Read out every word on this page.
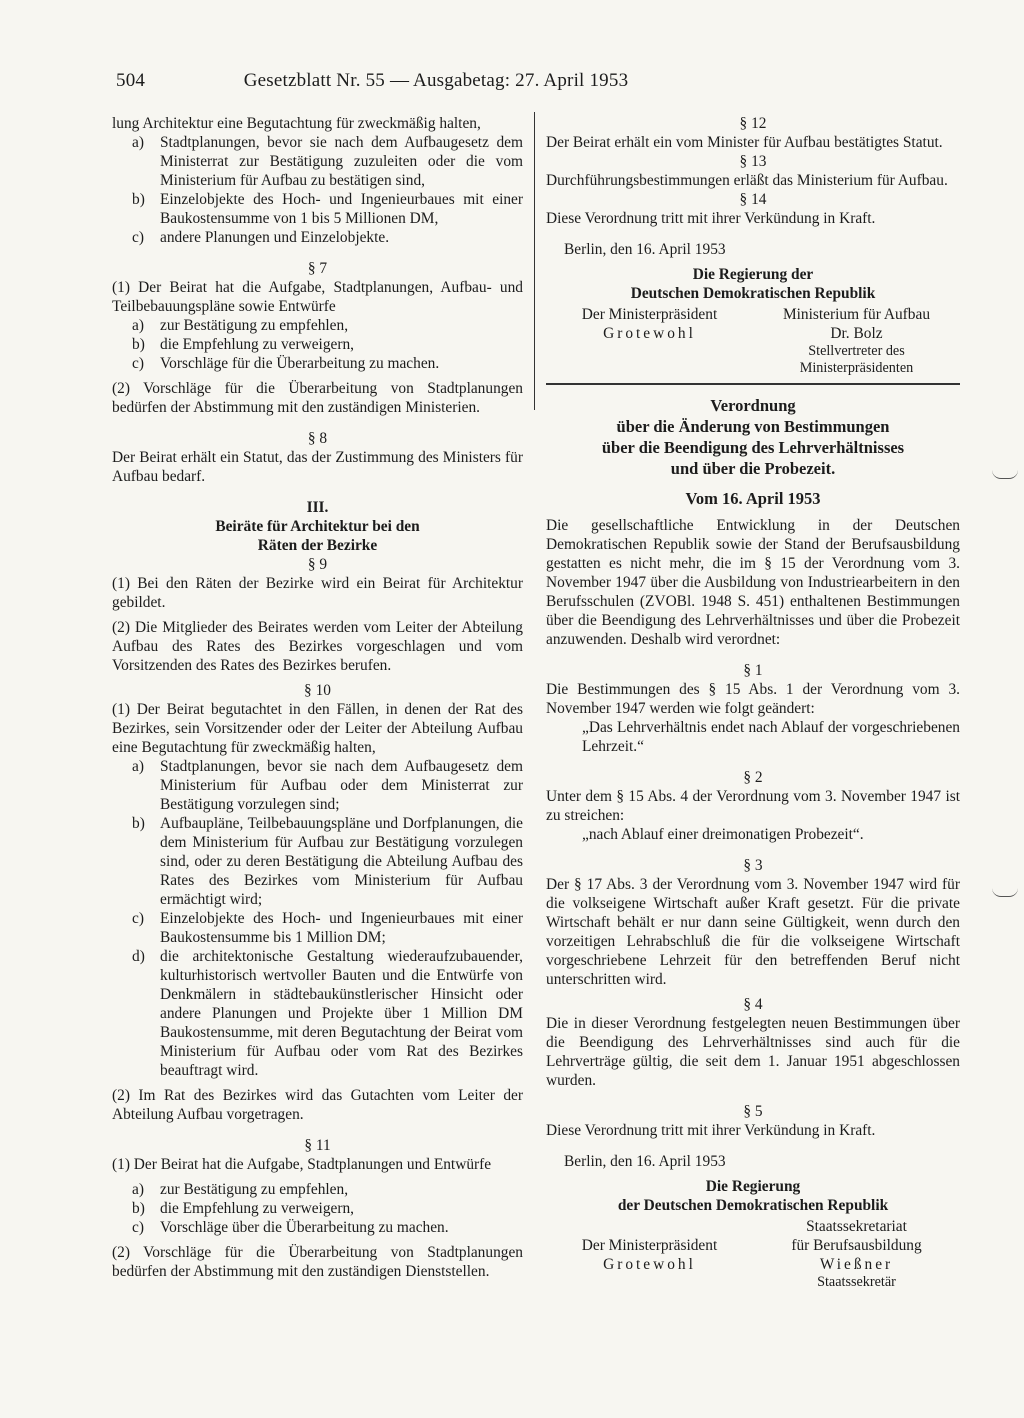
504	Gesetzblatt Nr. 55 — Ausgabetag: 27. April 1953

lung Architektur eine Begutachtung für zweckmäßig halten,

a)	Stadtplanungen, bevor sie nach dem Aufbaugesetz dem Ministerrat zur Bestätigung zuzuleiten oder die vom Ministerium für Aufbau zu bestätigen sind,
b) Einzelobjekte des Hoch- und Ingenieurbaues mit einer Baukostensumme von 1 bis 5 Millionen DM,
c)	andere Planungen und Einzelobjekte.

§ 7

(1) Der Beirat hat die Aufgabe, Stadtplanungen, Aufbau- und Teilbebauungspläne sowie Entwürfe

a)	zur Bestätigung zu empfehlen,
b) die Empfehlung zu verweigern,
c)	Vorschläge für die Überarbeitung zu machen.

(2) Vorschläge für die Überarbeitung von Stadtplanungen bedürfen der Abstimmung mit den zuständigen Ministerien.

§ 8

Der Beirat erhält ein Statut, das der Zustimmung des Ministers für Aufbau bedarf.

III.

Beiräte für Architektur bei den Räten der Bezirke

§ 9

(1) Bei den Räten der Bezirke wird ein Beirat für Architektur gebildet.

(2) Die Mitglieder des Beirates werden vom Leiter der Abteilung Aufbau des Rates des Bezirkes vorgeschlagen und vom Vorsitzenden des Rates des Bezirkes berufen.

§ 10

(1) Der Beirat begutachtet in den Fällen, in denen der Rat des Bezirkes, sein Vorsitzender oder der Leiter der Abteilung Aufbau eine Begutachtung für zweckmäßig halten,

a)	Stadtplanungen, bevor sie nach dem Aufbaugesetz dem Ministerium für Aufbau oder dem Ministerrat zur Bestätigung vorzulegen sind;
b) Aufbaupläne, Teilbebauungspläne und Dorfplanungen, die dem Ministerium für Aufbau zur Bestätigung vorzulegen sind, oder zu deren Bestätigung die Abteilung Aufbau des Rates des Bezirkes vom Ministerium für Aufbau ermächtigt wird;
c)	Einzelobjekte des Hoch- und Ingenieurbaues mit einer Baukostensumme bis 1 Million DM;
d) die architektonische Gestaltung wiederaufzubauender, kulturhistorisch wertvoller Bauten und die Entwürfe von Denkmälern in städtebaukünstlerischer Hinsicht oder andere Planungen und Projekte über 1 Million DM Baukostensumme, mit deren Begutachtung der Beirat vom Ministerium für Aufbau oder vom Rat des Bezirkes beauftragt wird.

(2) Im Rat des Bezirkes wird das Gutachten vom Leiter der Abteilung Aufbau vorgetragen.

§ 11

(1) Der Beirat hat die Aufgabe, Stadtplanungen und Entwürfe

a)	zur Bestätigung zu empfehlen,
b) die Empfehlung zu verweigern,
c)	Vorschläge über die Überarbeitung zu machen.

(2) Vorschläge für die Überarbeitung von Stadtplanungen bedürfen der Abstimmung mit den zuständigen Dienststellen.

§ 12

Der Beirat erhält ein vom Minister für Aufbau bestätigtes Statut.

§ 13

Durchführungsbestimmungen erläßt das Ministerium für Aufbau.

§ 14

Diese Verordnung tritt mit ihrer Verkündung in Kraft.

Berlin, den 16. April 1953

Die Regierung der

Deutschen Demokratischen Republik

Der Ministerpräsident
Grotewohl
Ministerium für Aufbau
Dr. Bolz
Stellvertreter des Ministerpräsidenten
Verordnung
über die Änderung von Bestimmungen
über die Beendigung des Lehrverhältnisses
und über die Probezeit.
Vom 16. April 1953

Die gesellschaftliche Entwicklung in der Deutschen Demokratischen Republik sowie der Stand der Berufsausbildung gestatten es nicht mehr, die im § 15 der Verordnung vom 3. November 1947 über die Ausbildung von Industriearbeitern in den Berufsschulen (ZVOBl. 1948 S. 451) enthaltenen Bestimmungen über die Beendigung des Lehrverhältnisses und über die Probezeit anzuwenden. Deshalb wird verordnet:

§ 1

Die Bestimmungen des § 15 Abs. 1 der Verordnung vom 3. November 1947 werden wie folgt geändert:

„Das Lehrverhältnis endet nach Ablauf der vorgeschriebenen Lehrzeit.“

§ 2

Unter dem § 15 Abs. 4 der Verordnung vom 3. November 1947 ist zu streichen:

„nach Ablauf einer dreimonatigen Probezeit“.

§ 3

Der § 17 Abs. 3 der Verordnung vom 3. November 1947 wird für die volkseigene Wirtschaft außer Kraft gesetzt. Für die private Wirtschaft behält er nur dann seine Gültigkeit, wenn durch den vorzeitigen Lehrabschluß die für die volkseigene Wirtschaft vorgeschriebene Lehrzeit für den betreffenden Beruf nicht unterschritten wird.

§ 4

Die in dieser Verordnung festgelegten neuen Bestimmungen über die Beendigung des Lehrverhältnisses sind auch für die Lehrverträge gültig, die seit dem 1. Januar 1951 abgeschlossen wurden.

§ 5

Diese Verordnung tritt mit ihrer Verkündung in Kraft.

Berlin, den 16. April 1953

Die Regierung

der Deutschen Demokratischen Republik

Der Ministerpräsident
Grotewohl
Staatssekretariat
für Berufsausbildung
Wießner
Staatssekretär
